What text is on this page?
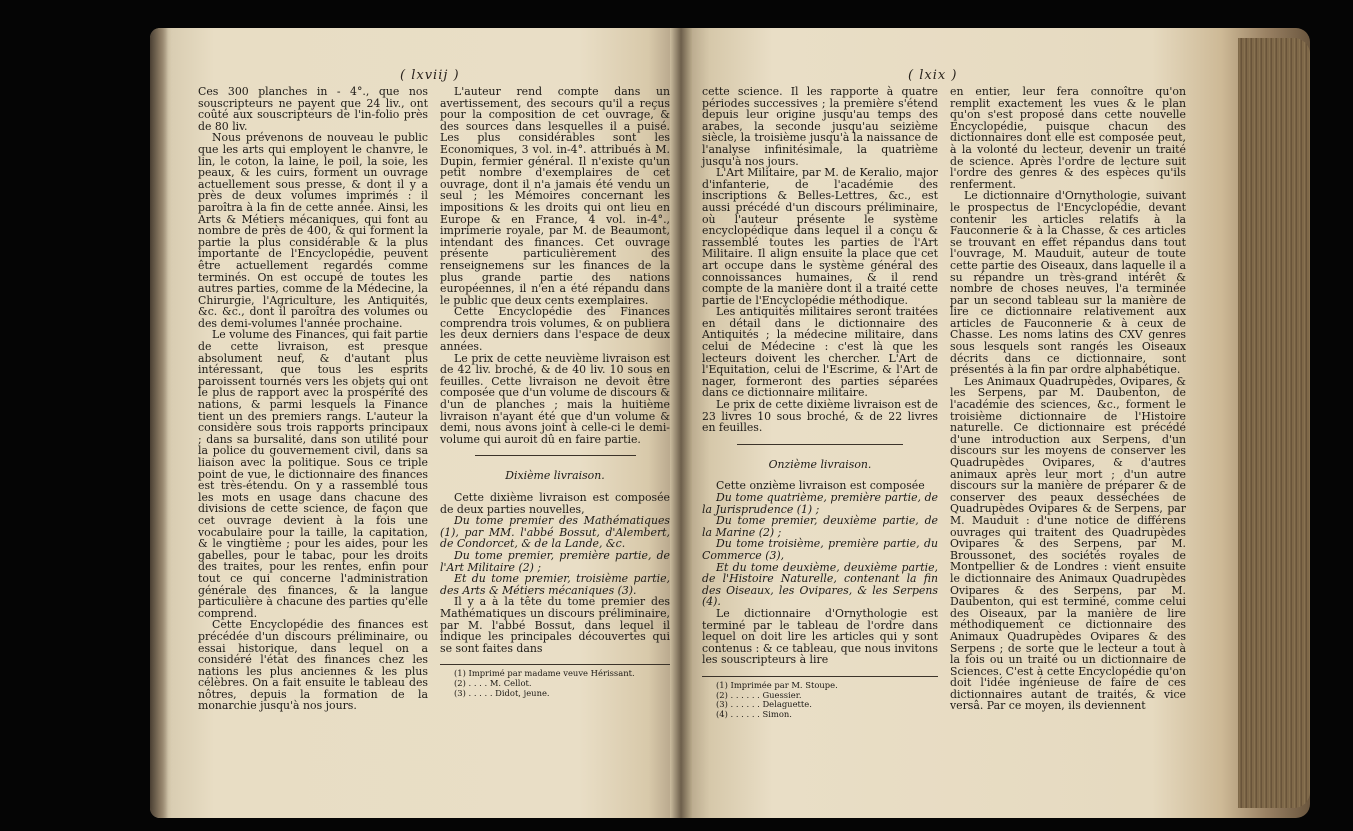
( lxviij )

Ces 300 planches in - 4°., que nos souscripteurs ne payent que 24 liv., ont coûté aux souscripteurs de l'in-folio près de 80 liv.

Nous prévenons de nouveau le public que les arts qui employent le chanvre, le lin, le coton, la laine, le poil, la soie, les peaux, & les cuirs, forment un ouvrage actuellement sous presse, & dont il y a près de deux volumes imprimés : il paroîtra à la fin de cette année. Ainsi, les Arts & Métiers mécaniques, qui font au nombre de près de 400, & qui forment la partie la plus considérable & la plus importante de l'Encyclopédie, peuvent être actuellement regardés comme terminés. On est occupé de toutes les autres parties, comme de la Médecine, la Chirurgie, l'Agriculture, les Antiquités, &c. &c., dont il paroîtra des volumes ou des demi-volumes l'année prochaine.

Le volume des Finances, qui fait partie de cette livraison, est presque absolument neuf, & d'autant plus intéressant, que tous les esprits paroissent tournés vers les objets qui ont le plus de rapport avec la prospérité des nations, & parmi lesquels la Finance tient un des premiers rangs. L'auteur la considère sous trois rapports principaux ; dans sa bursalité, dans son utilité pour la police du gouvernement civil, dans sa liaison avec la politique. Sous ce triple point de vue, le dictionnaire des finances est très-étendu. On y a rassemblé tous les mots en usage dans chacune des divisions de cette science, de façon que cet ouvrage devient à la fois une vocabulaire pour la taille, la capitation, & le vingtième ; pour les aides, pour les gabelles, pour le tabac, pour les droits des traites, pour les rentes, enfin pour tout ce qui concerne l'administration générale des finances, & la langue particulière à chacune des parties qu'elle comprend.

Cette Encyclopédie des finances est précédée d'un discours préliminaire, ou essai historique, dans lequel on a considéré l'état des finances chez les nations les plus anciennes & les plus célèbres. On a fait ensuite le tableau des nôtres, depuis la formation de la monarchie jusqu'à nos jours.

L'auteur rend compte dans un avertissement, des secours qu'il a reçus pour la composition de cet ouvrage, & des sources dans lesquelles il a puisé. Les plus considérables sont les Economiques, 3 vol. in-4°. attribués à M. Dupin, fermier général. Il n'existe qu'un petit nombre d'exemplaires de cet ouvrage, dont il n'a jamais été vendu un seul ; les Mémoires concernant les impositions & les droits qui ont lieu en Europe & en France, 4 vol. in-4°., imprimerie royale, par M. de Beaumont, intendant des finances. Cet ouvrage présente particulièrement des renseignemens sur les finances de la plus grande partie des nations européennes, il n'en a été répandu dans le public que deux cents exemplaires.

Cette Encyclopédie des Finances comprendra trois volumes, & on publiera les deux derniers dans l'espace de deux années.

Le prix de cette neuvième livraison est de 42 liv. broché, & de 40 liv. 10 sous en feuilles. Cette livraison ne devoit être composée que d'un volume de discours & d'un de planches ; mais la huitième livraison n'ayant été que d'un volume & demi, nous avons joint à celle-ci le demi-volume qui auroit dû en faire partie.

Dixième livraison.

Cette dixième livraison est composée de deux parties nouvelles,

Du tome premier des Mathématiques (1), par MM. l'abbé Bossut, d'Alembert, de Condorcet, & de la Lande, &c.

Du tome premier, première partie, de l'Art Militaire (2) ;

Et du tome premier, troisième partie, des Arts & Métiers mécaniques (3).

Il y a à la tête du tome premier des Mathématiques un discours préliminaire, par M. l'abbé Bossut, dans lequel il indique les principales découvertes qui se sont faites dans

(1) Imprimé par madame veuve Hérissant.

(2) . . . . M. Cellot.

(3) . . . . . Didot, jeune.

( lxix )

cette science. Il les rapporte à quatre périodes successives ; la première s'étend depuis leur origine jusqu'au temps des arabes, la seconde jusqu'au seizième siècle, la troisième jusqu'à la naissance de l'analyse infinitésimale, la quatrième jusqu'à nos jours.

L'Art Militaire, par M. de Keralio, major d'infanterie, de l'académie des inscriptions & Belles-Lettres, &c., est aussi précédé d'un discours préliminaire, où l'auteur présente le système encyclopédique dans lequel il a conçu & rassemblé toutes les parties de l'Art Militaire. Il align ensuite la place que cet art occupe dans le système général des connoissances humaines, & il rend compte de la manière dont il a traité cette partie de l'Encyclopédie méthodique.

Les antiquités militaires seront traitées en détail dans le dictionnaire des Antiquités ; la médecine militaire, dans celui de Médecine : c'est là que les lecteurs doivent les chercher. L'Art de l'Equitation, celui de l'Escrime, & l'Art de nager, formeront des parties séparées dans ce dictionnaire militaire.

Le prix de cette dixième livraison est de 23 livres 10 sous broché, & de 22 livres en feuilles.

Onzième livraison.

Cette onzième livraison est composée

Du tome quatrième, première partie, de la Jurisprudence (1) ;

Du tome premier, deuxième partie, de la Marine (2) ;

Du tome troisième, première partie, du Commerce (3),

Et du tome deuxième, deuxième partie, de l'Histoire Naturelle, contenant la fin des Oiseaux, les Ovipares, & les Serpens (4).

Le dictionnaire d'Ornythologie est terminé par le tableau de l'ordre dans lequel on doit lire les articles qui y sont contenus : & ce tableau, que nous invitons les souscripteurs à lire

(1) Imprimée par M. Stoupe.

(2) . . . . . . Guessier.

(3) . . . . . . Delaguette.

(4) . . . . . . Simon.

en entier, leur fera connoître qu'on remplit exactement les vues & le plan qu'on s'est proposé dans cette nouvelle Encyclopédie, puisque chacun des dictionnaires dont elle est composée peut, à la volonté du lecteur, devenir un traité de science. Après l'ordre de lecture suit l'ordre des genres & des espèces qu'ils renferment.

Le dictionnaire d'Ornythologie, suivant le prospectus de l'Encyclopédie, devant contenir les articles relatifs à la Fauconnerie & à la Chasse, & ces articles se trouvant en effet répandus dans tout l'ouvrage, M. Mauduit, auteur de toute cette partie des Oiseaux, dans laquelle il a su répandre un très-grand intérêt & nombre de choses neuves, l'a terminée par un second tableau sur la manière de lire ce dictionnaire relativement aux articles de Fauconnerie & à ceux de Chasse. Les noms latins des CXV genres sous lesquels sont rangés les Oiseaux décrits dans ce dictionnaire, sont présentés à la fin par ordre alphabétique.

Les Animaux Quadrupèdes, Ovipares, & les Serpens, par M. Daubenton, de l'académie des sciences, &c., forment le troisième dictionnaire de l'Histoire naturelle. Ce dictionnaire est précédé d'une introduction aux Serpens, d'un discours sur les moyens de conserver les Quadrupèdes Ovipares, & d'autres animaux après leur mort ; d'un autre discours sur la manière de préparer & de conserver des peaux desséchées de Quadrupèdes Ovipares & de Serpens, par M. Mauduit : d'une notice de différens ouvrages qui traitent des Quadrupèdes Ovipares & des Serpens, par M. Broussonet, des sociétés royales de Montpellier & de Londres : vient ensuite le dictionnaire des Animaux Quadrupèdes Ovipares & des Serpens, par M. Daubenton, qui est terminé, comme celui des Oiseaux, par la manière de lire méthodiquement ce dictionnaire des Animaux Quadrupèdes Ovipares & des Serpens ; de sorte que le lecteur a tout à la fois ou un traité ou un dictionnaire de Sciences. C'est à cette Encyclopédie qu'on doit l'idée ingénieuse de faire de ces dictionnaires autant de traités, & vice versâ. Par ce moyen, ils deviennent
